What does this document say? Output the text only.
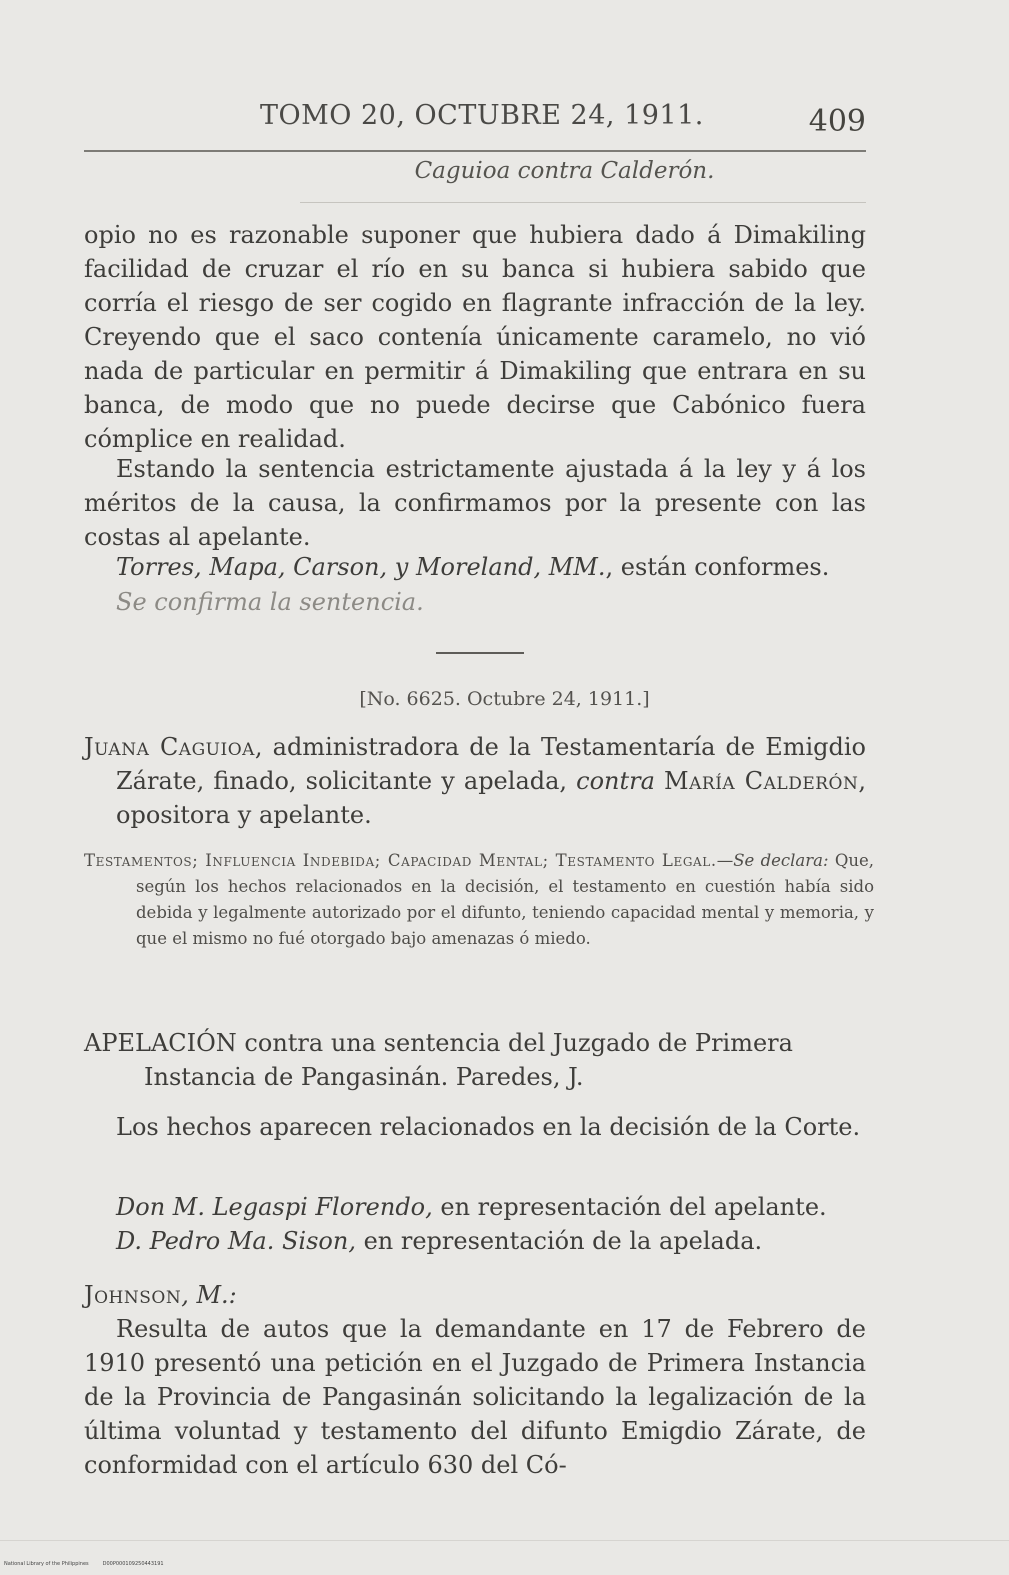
TOMO 20, OCTUBRE 24, 1911.	409
Caguioa contra Calderón.
opio no es razonable suponer que hubiera dado á Dimakiling facilidad de cruzar el río en su banca si hubiera sabido que corría el riesgo de ser cogido en flagrante infracción de la ley. Creyendo que el saco contenía únicamente caramelo, no vió nada de particular en permitir á Dimakiling que entrara en su banca, de modo que no puede decirse que Cabónico fuera cómplice en realidad.
Estando la sentencia estrictamente ajustada á la ley y á los méritos de la causa, la confirmamos por la presente con las costas al apelante.
Torres, Mapa, Carson, y Moreland, MM., están conformes.
Se confirma la sentencia.
[No. 6625. Octubre 24, 1911.]
Juana Caguioa, administradora de la Testamentaría de Emigdio Zárate, finado, solicitante y apelada, contra María Calderón, opositora y apelante.
Testamentos; Influencia Indebida; Capacidad Mental; Testamento Legal.—Se declara: Que, según los hechos relacionados en la decisión, el testamento en cuestión había sido debida y legalmente autorizado por el difunto, teniendo capacidad mental y memoria, y que el mismo no fué otorgado bajo amenazas ó miedo.
APELACIÓN contra una sentencia del Juzgado de Primera Instancia de Pangasinán. Paredes, J.
Los hechos aparecen relacionados en la decisión de la Corte.
Don M. Legaspi Florendo, en representación del apelante.
D. Pedro Ma. Sison, en representación de la apelada.
Johnson, M.:
Resulta de autos que la demandante en 17 de Febrero de 1910 presentó una petición en el Juzgado de Primera Instancia de la Provincia de Pangasinán solicitando la legalización de la última voluntad y testamento del difunto Emigdio Zárate, de conformidad con el artículo 630 del Có-
National Library of the Philippines	D00P000109250443191
